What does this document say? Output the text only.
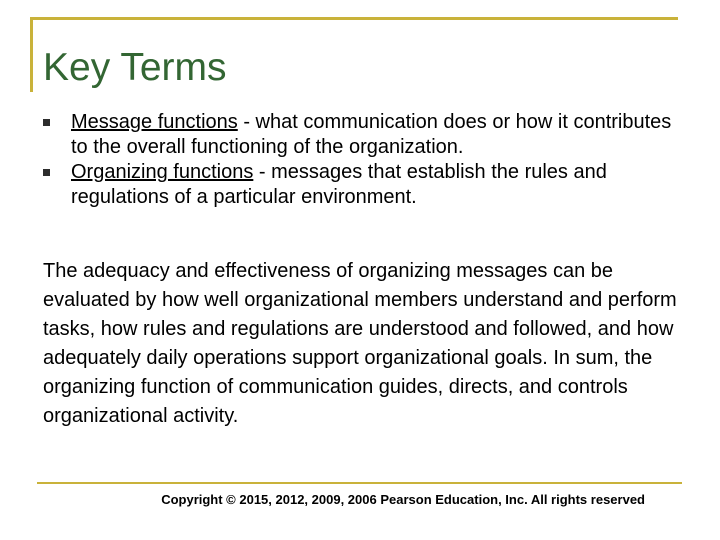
Key Terms
Message functions - what communication does or how it contributes to the overall functioning of the organization.
Organizing functions - messages that establish the rules and regulations of a particular environment.

The adequacy and effectiveness of organizing messages can be evaluated by how well organizational members understand and perform tasks, how rules and regulations are understood and followed, and how adequately daily operations support organizational goals. In sum, the organizing function of communication guides, directs, and controls organizational activity.

Copyright © 2015, 2012, 2009, 2006 Pearson Education, Inc. All rights reserved
